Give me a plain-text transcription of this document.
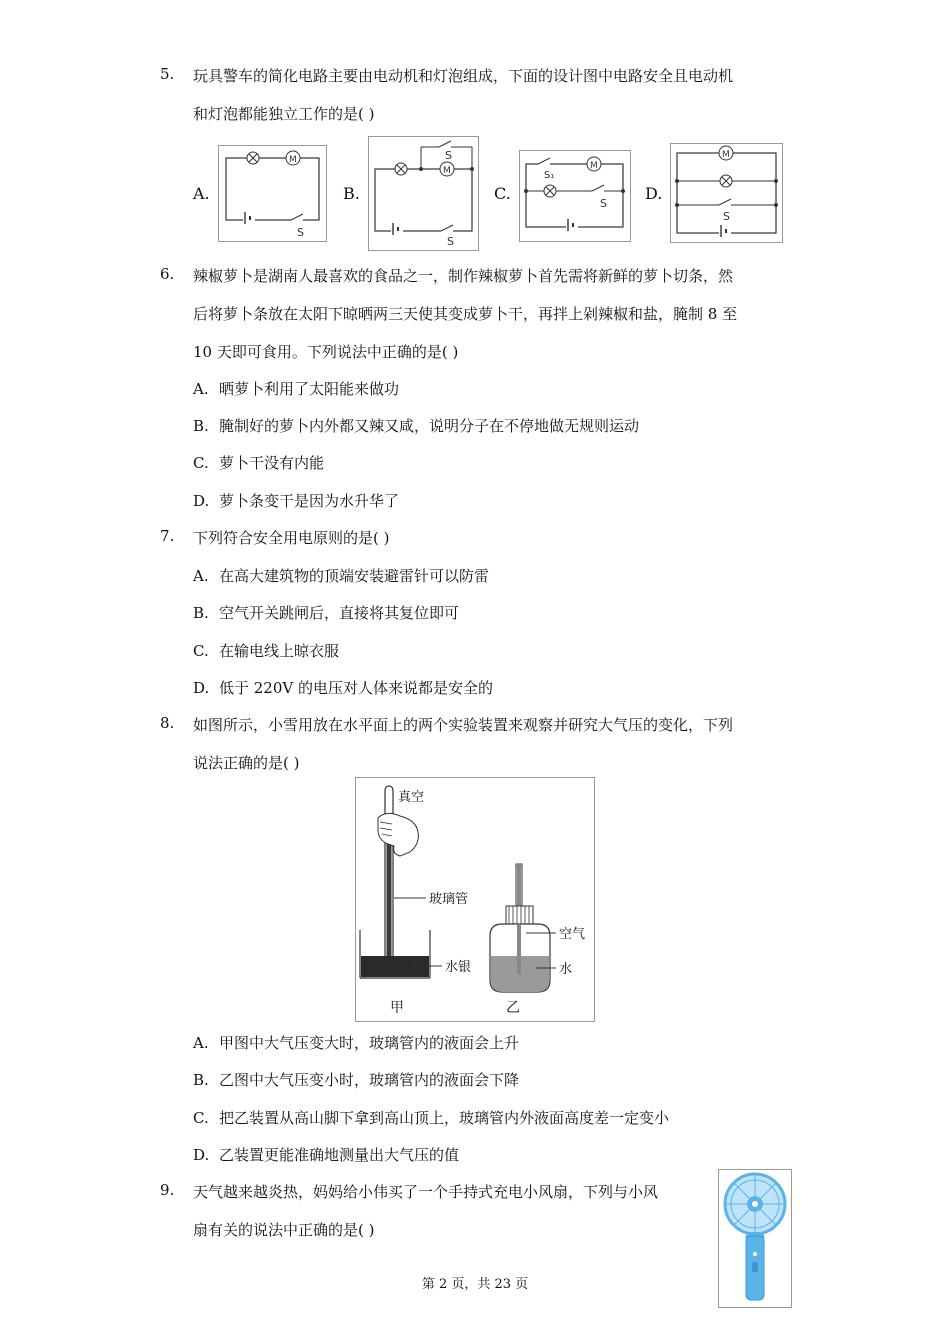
5.	玩具警车的简化电路主要由电动机和灯泡组成，下面的设计图中电路安全且电动机
和灯泡都能独立工作的是( )
A.
M
S
B.
S
M
S
C.
S₁
M
S
D.
M
S
6.	辣椒萝卜是湖南人最喜欢的食品之一，制作辣椒萝卜首先需将新鲜的萝卜切条，然
后将萝卜条放在太阳下晾晒两三天使其变成萝卜干，再拌上剁辣椒和盐，腌制 8 至
10 天即可食用。下列说法中正确的是( )
A. 晒萝卜利用了太阳能来做功
B. 腌制好的萝卜内外都又辣又咸，说明分子在不停地做无规则运动
C. 萝卜干没有内能
D. 萝卜条变干是因为水升华了
7.	下列符合安全用电原则的是( )
A. 在高大建筑物的顶端安装避雷针可以防雷
B. 空气开关跳闸后，直接将其复位即可
C. 在输电线上晾衣服
D. 低于 220V 的电压对人体来说都是安全的
8.	如图所示，小雪用放在水平面上的两个实验装置来观察并研究大气压的变化，下列
说法正确的是( )
真空
玻璃管
水银
甲
空气
水
乙
A. 甲图中大气压变大时，玻璃管内的液面会上升
B. 乙图中大气压变小时，玻璃管内的液面会下降
C. 把乙装置从高山脚下拿到高山顶上，玻璃管内外液面高度差一定变小
D. 乙装置更能准确地测量出大气压的值
9.	天气越来越炎热，妈妈给小伟买了一个手持式充电小风扇，下列与小风
扇有关的说法中正确的是( )
第 2 页，共 23 页
